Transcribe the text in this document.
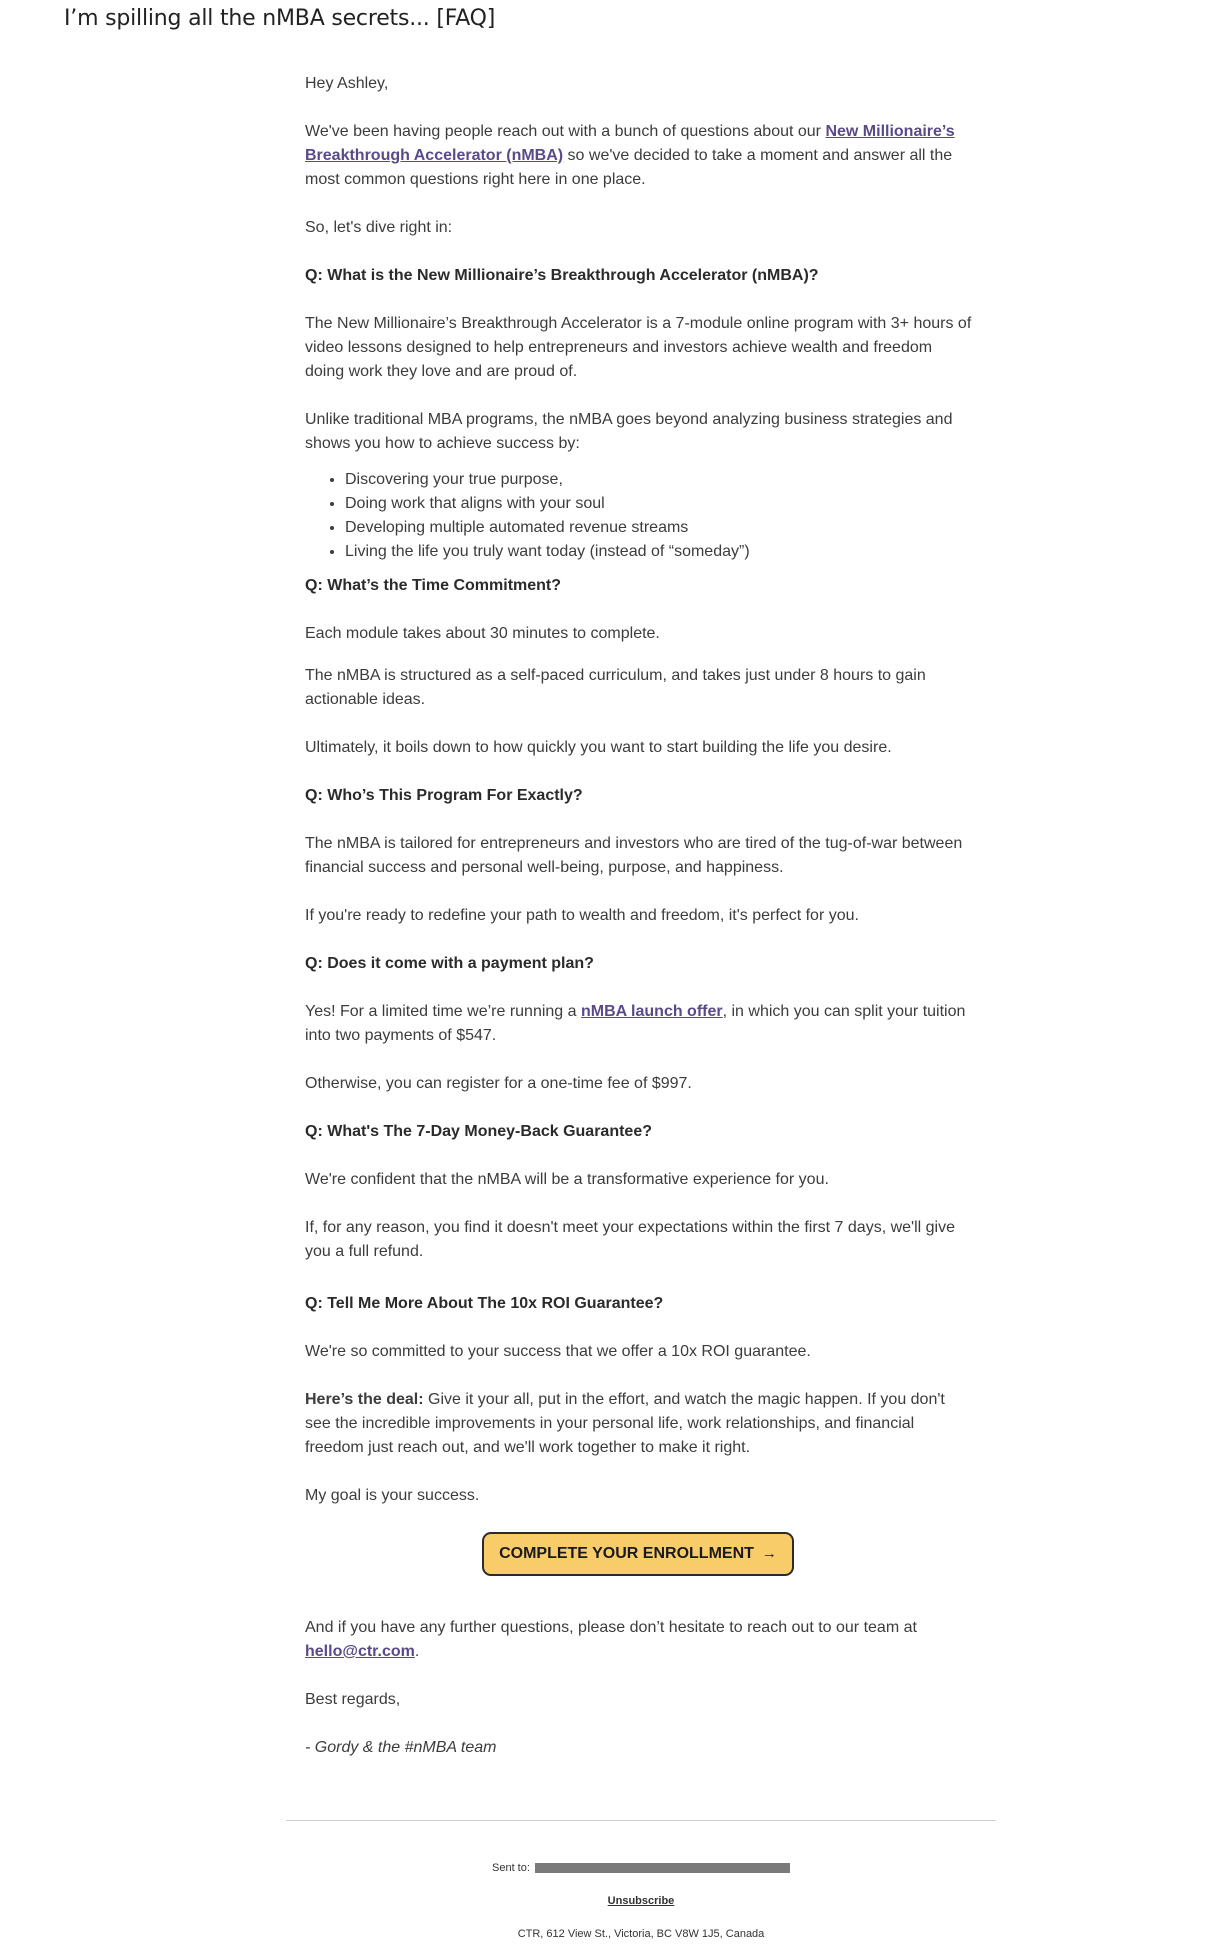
I’m spilling all the nMBA secrets... [FAQ]

Hey Ashley,

We've been having people reach out with a bunch of questions about our New Millionaire’s Breakthrough Accelerator (nMBA) so we've decided to take a moment and answer all the most common questions right here in one place.

So, let's dive right in:

Q: What is the New Millionaire’s Breakthrough Accelerator (nMBA)?

The New Millionaire’s Breakthrough Accelerator is a 7-module online program with 3+ hours of video lessons designed to help entrepreneurs and investors achieve wealth and freedom doing work they love and are proud of.

Unlike traditional MBA programs, the nMBA goes beyond analyzing business strategies and shows you how to achieve success by:

• Discovering your true purpose,
• Doing work that aligns with your soul
• Developing multiple automated revenue streams
• Living the life you truly want today (instead of “someday”)

Q: What’s the Time Commitment?

Each module takes about 30 minutes to complete.

The nMBA is structured as a self-paced curriculum, and takes just under 8 hours to gain actionable ideas.

Ultimately, it boils down to how quickly you want to start building the life you desire.

Q: Who’s This Program For Exactly?

The nMBA is tailored for entrepreneurs and investors who are tired of the tug-of-war between financial success and personal well-being, purpose, and happiness.

If you're ready to redefine your path to wealth and freedom, it's perfect for you.

Q: Does it come with a payment plan?

Yes! For a limited time we’re running a nMBA launch offer, in which you can split your tuition into two payments of $547.

Otherwise, you can register for a one-time fee of $997.

Q: What's The 7-Day Money-Back Guarantee?

We're confident that the nMBA will be a transformative experience for you.

If, for any reason, you find it doesn't meet your expectations within the first 7 days, we'll give you a full refund.

Q: Tell Me More About The 10x ROI Guarantee?

We're so committed to your success that we offer a 10x ROI guarantee.

Here’s the deal: Give it your all, put in the effort, and watch the magic happen. If you don't see the incredible improvements in your personal life, work relationships, and financial freedom just reach out, and we'll work together to make it right.

My goal is your success.

COMPLETE YOUR ENROLLMENT →

And if you have any further questions, please don’t hesitate to reach out to our team at hello@ctr.com.

Best regards,

- Gordy & the #nMBA team

Sent to:
Unsubscribe
CTR, 612 View St., Victoria, BC V8W 1J5, Canada
